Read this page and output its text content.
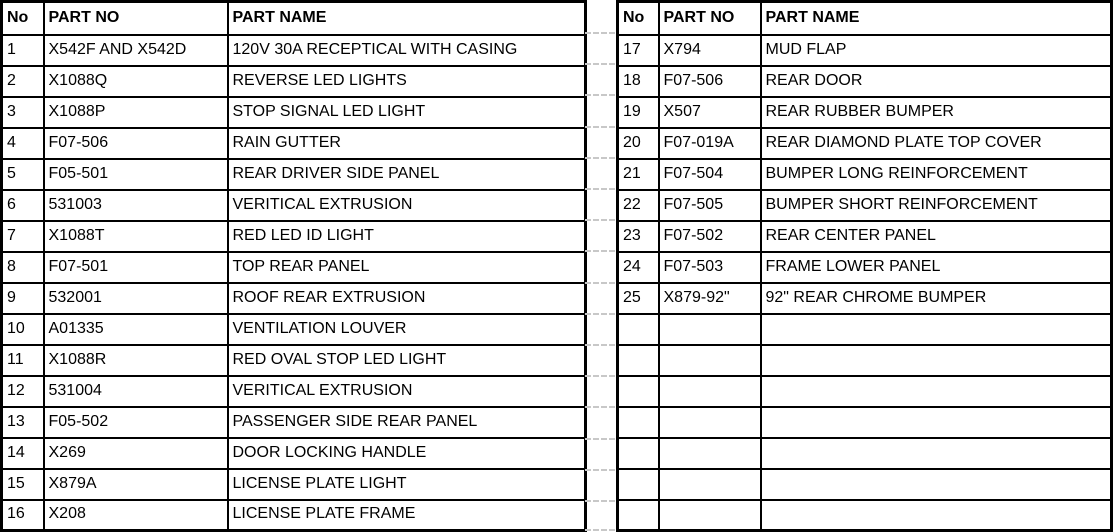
No	PART NO	PART NAME
1	X542F AND X542D	120V 30A RECEPTICAL WITH CASING
2	X1088Q	REVERSE LED LIGHTS
3	X1088P	STOP SIGNAL LED LIGHT
4	F07-506	RAIN GUTTER
5	F05-501	REAR DRIVER SIDE PANEL
6	531003	VERITICAL EXTRUSION
7	X1088T	RED LED ID LIGHT
8	F07-501	TOP REAR PANEL
9	532001	ROOF REAR EXTRUSION
10	A01335	VENTILATION LOUVER
11	X1088R	RED OVAL STOP LED LIGHT
12	531004	VERITICAL EXTRUSION
13	F05-502	PASSENGER SIDE REAR PANEL
14	X269	DOOR LOCKING HANDLE
15	X879A	LICENSE PLATE LIGHT
16	X208	LICENSE PLATE FRAME
No	PART NO	PART NAME
17	X794	MUD FLAP
18	F07-506	REAR DOOR
19	X507	REAR RUBBER BUMPER
20	F07-019A	REAR DIAMOND PLATE TOP COVER
21	F07-504	BUMPER LONG REINFORCEMENT
22	F07-505	BUMPER SHORT REINFORCEMENT
23	F07-502	REAR CENTER PANEL
24	F07-503	FRAME LOWER PANEL
25	X879-92"	92" REAR CHROME BUMPER
